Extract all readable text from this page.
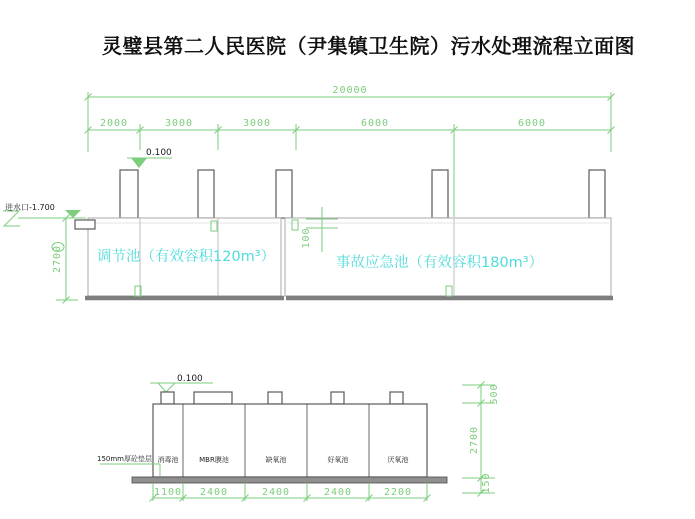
灵璧县第二人民医院（尹集镇卫生院）污水处理流程立面图
20000
2000	3000	3000	6000	6000
0.100
进水口-1.700
2700
100
调节池（有效容积120m³）	事故应急池（有效容积180m³）
0.100
消毒池	MBR膜池	缺氧池	好氧池	厌氧池
150mm厚砼垫层
1100 2400	2400	2400	2200
500
2700
150
